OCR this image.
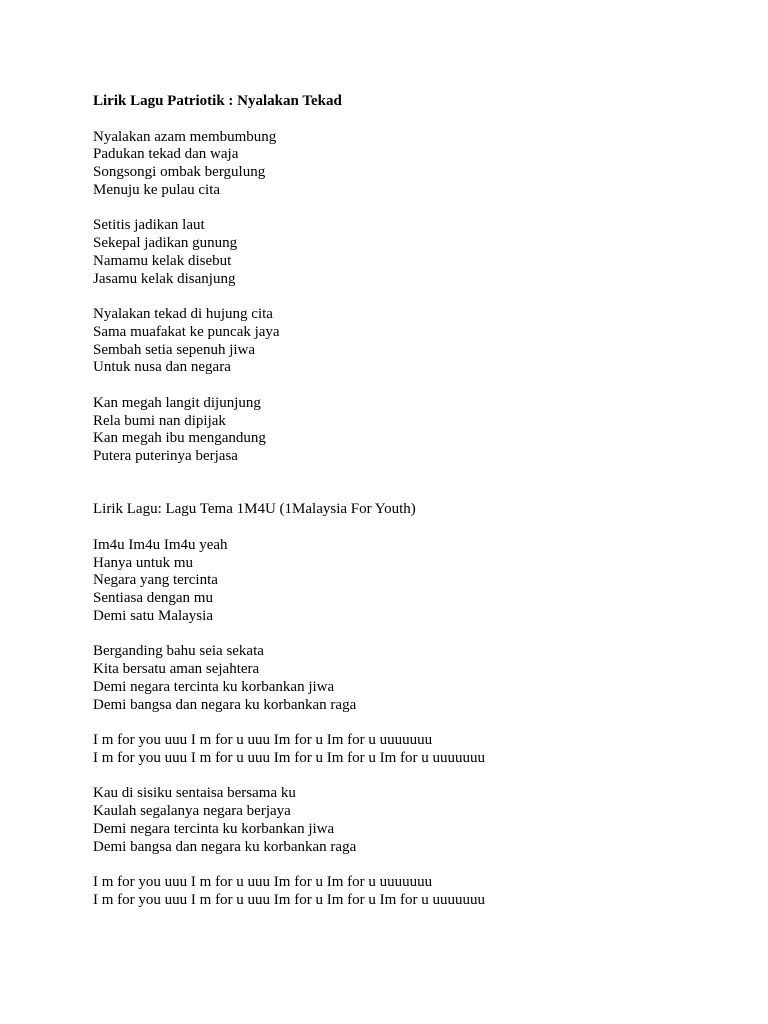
Lirik Lagu Patriotik : Nyalakan Tekad
Nyalakan azam membumbung
Padukan tekad dan waja
Songsongi ombak bergulung
Menuju ke pulau cita
Setitis jadikan laut
Sekepal jadikan gunung
Namamu kelak disebut
Jasamu kelak disanjung
Nyalakan tekad di hujung cita
Sama muafakat ke puncak jaya
Sembah setia sepenuh jiwa
Untuk nusa dan negara
Kan megah langit dijunjung
Rela bumi nan dipijak
Kan megah ibu mengandung
Putera puterinya berjasa
Lirik Lagu: Lagu Tema 1M4U (1Malaysia For Youth)
Im4u Im4u Im4u yeah
Hanya untuk mu
Negara yang tercinta
Sentiasa dengan mu
Demi satu Malaysia
Berganding bahu seia sekata
Kita bersatu aman sejahtera
Demi negara tercinta ku korbankan jiwa
Demi bangsa dan negara ku korbankan raga
I m for you uuu I m for u uuu Im for u Im for u uuuuuuu
I m for you uuu I m for u uuu Im for u Im for u Im for u uuuuuuu
Kau di sisiku sentaisa bersama ku
Kaulah segalanya negara berjaya
Demi negara tercinta ku korbankan jiwa
Demi bangsa dan negara ku korbankan raga
I m for you uuu I m for u uuu Im for u Im for u uuuuuuu
I m for you uuu I m for u uuu Im for u Im for u Im for u uuuuuuu
